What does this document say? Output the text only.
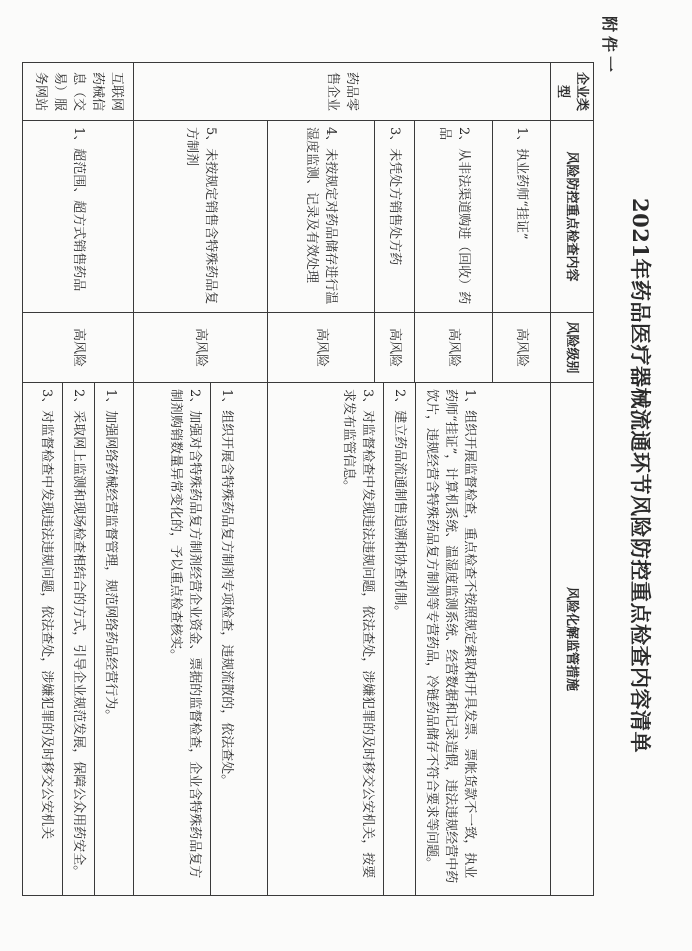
附件一
2021年药品医疗器械流通环节风险防控重点检查内容清单
企业类型	风险防控重点检查内容	风险级别	风险化解监管措施
药品零售企业	1、执业药师“挂证”	高风险	1、组织开展监督检查，重点检查不按照规定索取和开具发票、票帐货款不一致，执业药师“挂证”，计算机系统、温湿度监测系统、经营数据和记录造假，违法违规经营中药饮片，违规经营含特殊药品复方制剂等专营药品，冷链药品储存不符合要求等问题。
2、建立药品流通制售追溯和协查机制。
3、对监督检查中发现违法违规问题，依法查处，涉嫌犯罪的及时移交公安机关，按要求发布监管信息。

	2、从非法渠道购进（回收）药品	高风险	
	3、未凭处方销售处方药	高风险	
	4、未按规定对药品储存进行温湿度监测、记录及有效处理	高风险	
	5、未按规定销售含特殊药品复方制剂	高风险	1、组织开展含特殊药品复方制剂专项检查，违规流散的，依法查处。
2、加强对含特殊药品复方制剂经营企业资金、票据的监督检查，企业含特殊药品复方制剂购销数量异常变化的，予以重点检查核实。

互联网药械信息（交易）服务网站	1、超范围、超方式销售药品	高风险	1、加强网络药械经营监督管理，规范网络药品经营行为。
2、采取网上监测和现场检查相结合的方式，引导企业规范发展，保障公众用药安全。
3、对监督检查中发现违法违规问题，依法查处，涉嫌犯罪的及时移交公安机关
